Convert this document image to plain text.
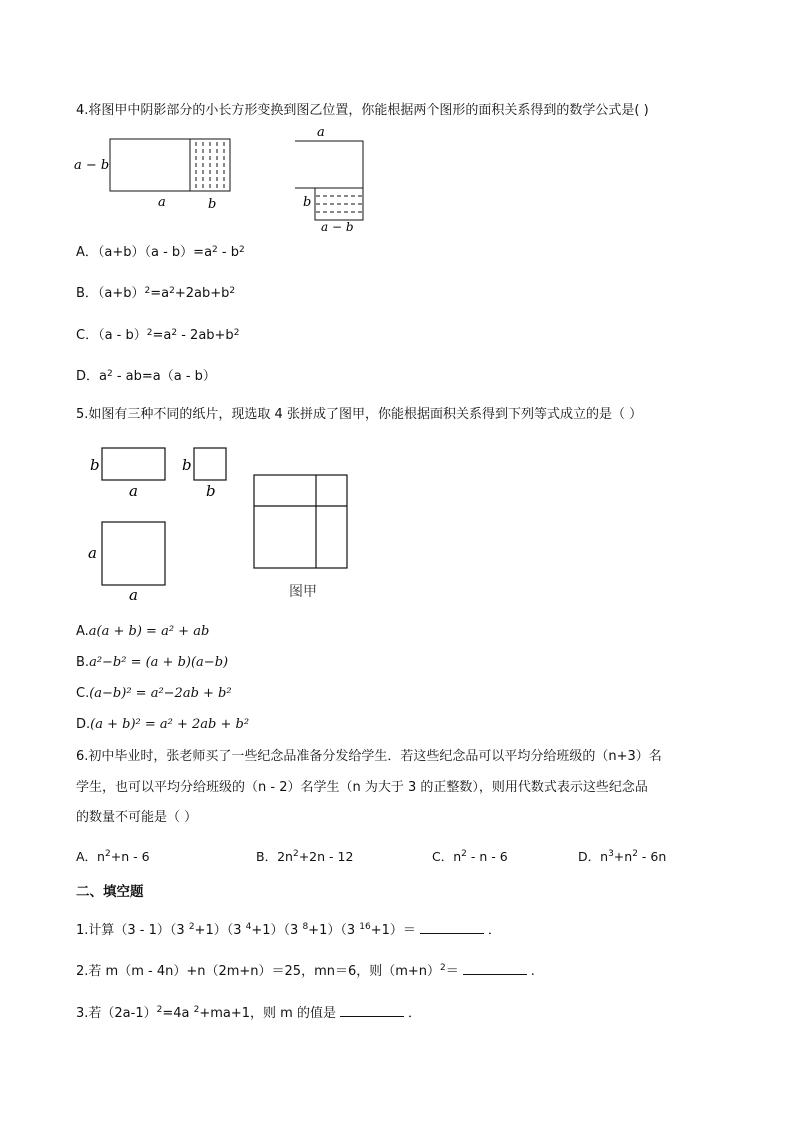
4.将图甲中阴影部分的小长方形变换到图乙位置，你能根据两个图形的面积关系得到的数学公式是( )
a − b
a	b
a
b
a − b
A．$(a+b)(a - b)=a^2 - b^2$
B．$(a+b)^2=a^2+2ab+b^2$
C．$(a - b)^2=a^2 - 2ab+b^2$
D．$a^2 - ab=a(a - b)$
5.如图有三种不同的纸片，现选取 4 张拼成了图甲，你能根据面积关系得到下列等式成立的是（ ）
b
a
b
b
a
a	图甲
A.a(a + b) = a² + ab
B.a²−b² = (a + b)(a−b)
C.(a−b)² = a²−2ab + b²
D.(a + b)² = a² + 2ab + b²
6.初中毕业时，张老师买了一些纪念品准备分发给学生．若这些纪念品可以平均分给班级的（n+3）名
学生，也可以平均分给班级的（n - 2）名学生（n 为大于 3 的正整数），则用代数式表示这些纪念品
的数量不可能是（ ）
A．$n^2+n - 6$	B．$2n^2+2n - 12$	C．$n^2$ - n - 6	D．$n^3+n^2 - 6n$
二、填空题
1.计算（3 - 1）（3 $^2$+1）（3 $^4$+1）（3 $^8$+1）（3 $^{16}$+1）＝	．
2.若 m（m - 4n）+n（2m+n）＝25，mn＝6，则$(m+n)^2=$	.
3.若$(2a-1)^2=4a$ $^2$+ma+1，则 m 的值是	．
